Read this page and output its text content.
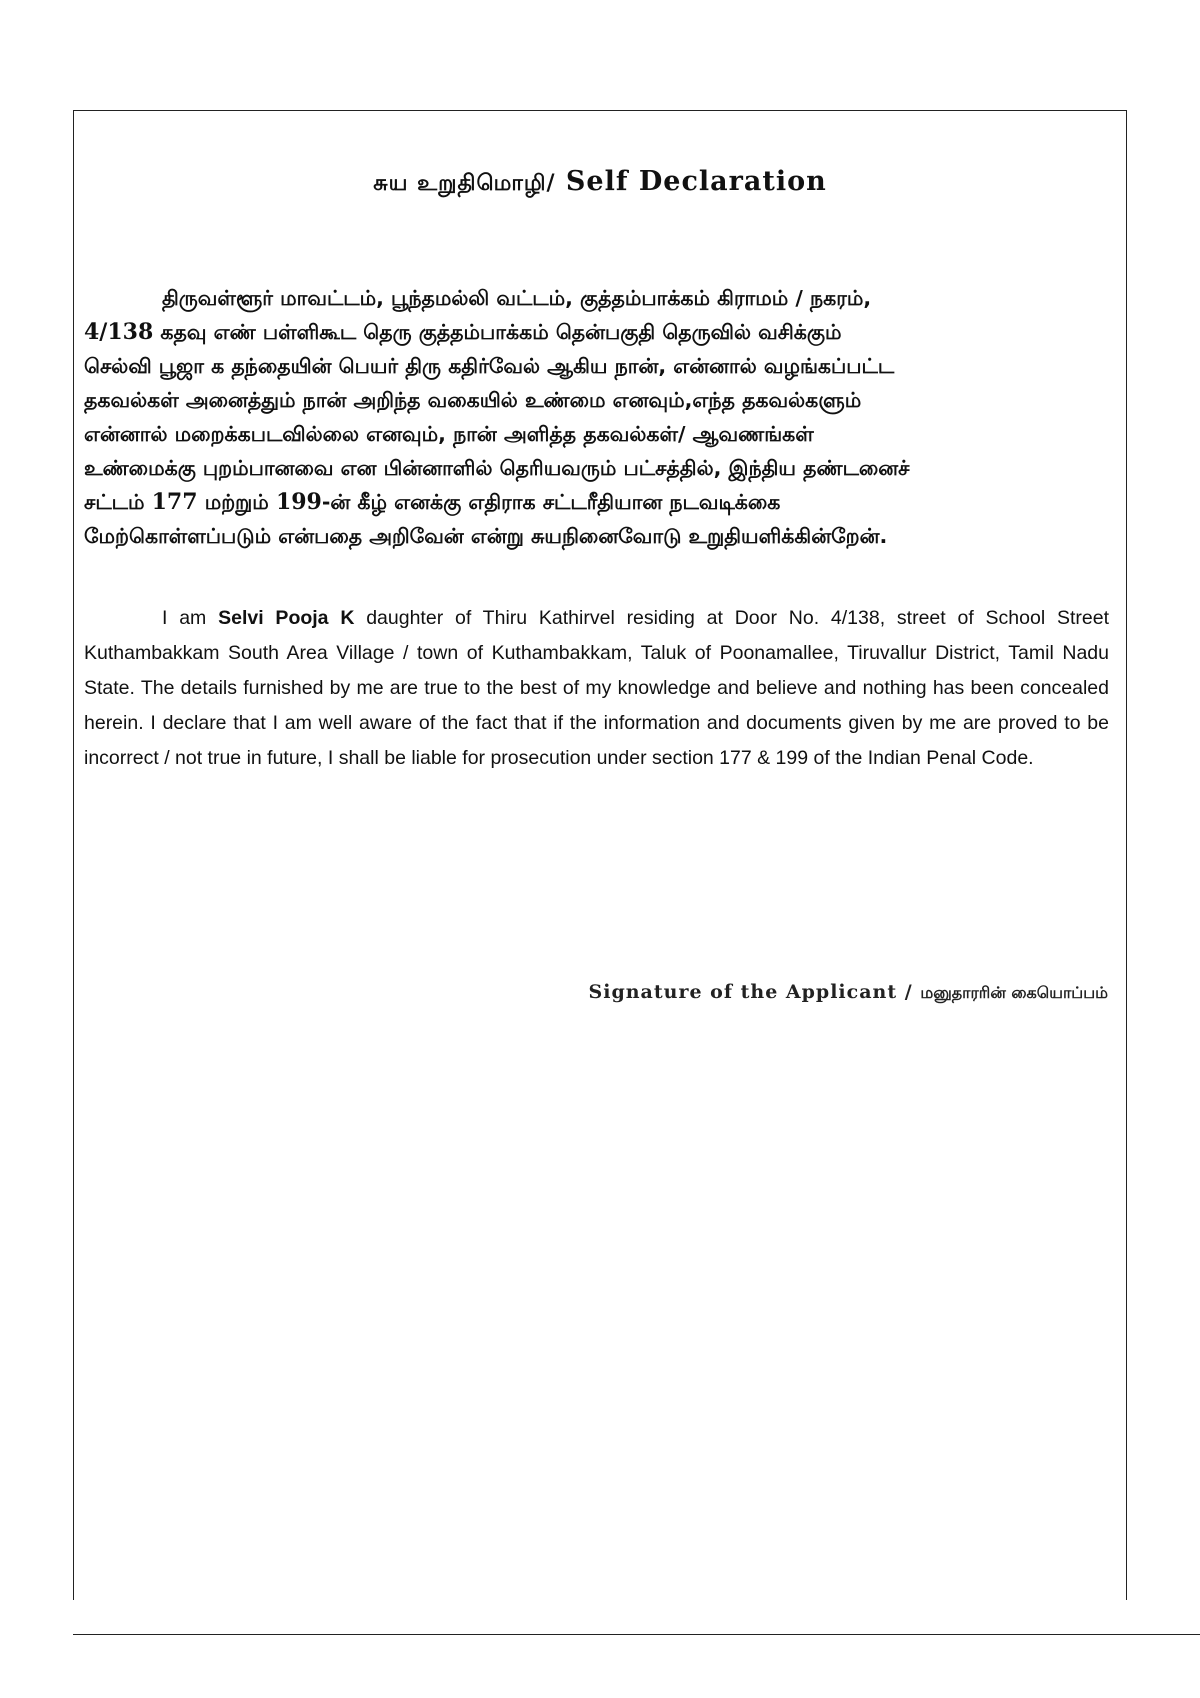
சுய உறுதிமொழி/ Self Declaration
திருவள்ளூர் மாவட்டம், பூந்தமல்லி வட்டம், குத்தம்பாக்கம் கிராமம் / நகரம்,
4/138 கதவு எண் பள்ளிகூட தெரு குத்தம்பாக்கம் தென்பகுதி தெருவில் வசிக்கும்
செல்வி பூஜா க தந்தையின் பெயர் திரு கதிர்வேல் ஆகிய நான், என்னால் வழங்கப்பட்ட
தகவல்கள் அனைத்தும் நான் அறிந்த வகையில் உண்மை எனவும்,எந்த தகவல்களும்
என்னால் மறைக்கபடவில்லை எனவும், நான் அளித்த தகவல்கள்/ ஆவணங்கள்
உண்மைக்கு புறம்பானவை என பின்னாளில் தெரியவரும் பட்சத்தில், இந்திய தண்டனைச்
சட்டம் 177 மற்றும் 199-ன் கீழ் எனக்கு எதிராக சட்டரீதியான நடவடிக்கை
மேற்கொள்ளப்படும் என்பதை அறிவேன் என்று சுயநினைவோடு உறுதியளிக்கின்றேன்.
I am Selvi Pooja K daughter of Thiru Kathirvel residing at Door No. 4/138, street of School Street Kuthambakkam South Area Village / town of Kuthambakkam, Taluk of Poonamallee, Tiruvallur District, Tamil Nadu State. The details furnished by me are true to the best of my knowledge and believe and nothing has been concealed herein. I declare that I am well aware of the fact that if the information and documents given by me are proved to be incorrect / not true in future, I shall be liable for prosecution under section 177 & 199 of the Indian Penal Code.
Signature of the Applicant / மனுதாரரின் கையொப்பம்
